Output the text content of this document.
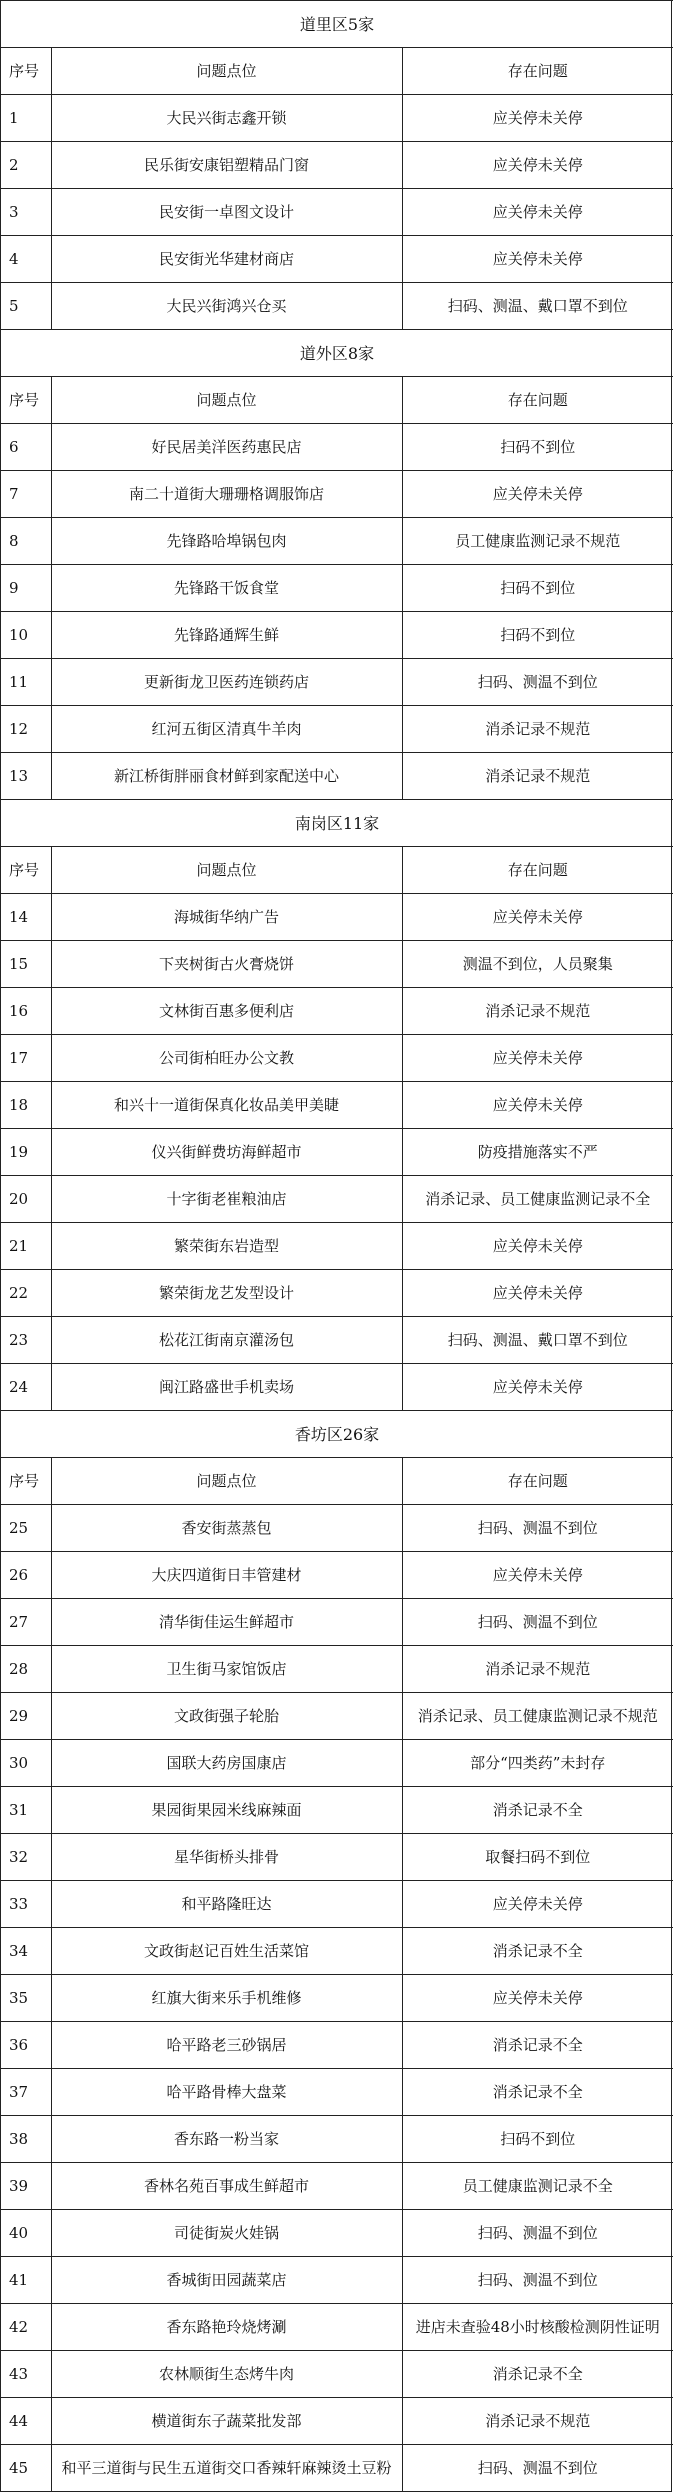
道里区5家		
序号	问题点位	存在问题
1	大民兴街志鑫开锁	应关停未关停
2	民乐街安康铝塑精品门窗	应关停未关停
3	民安街一卓图文设计	应关停未关停
4	民安街光华建材商店	应关停未关停
5	大民兴街鸿兴仓买	扫码、测温、戴口罩不到位
道外区8家		
序号	问题点位	存在问题
6	好民居美洋医药惠民店	扫码不到位
7	南二十道街大珊珊格调服饰店	应关停未关停
8	先锋路哈埠锅包肉	员工健康监测记录不规范
9	先锋路干饭食堂	扫码不到位
10	先锋路通辉生鲜	扫码不到位
11	更新街龙卫医药连锁药店	扫码、测温不到位
12	红河五街区清真牛羊肉	消杀记录不规范
13	新江桥街胖丽食材鲜到家配送中心	消杀记录不规范
南岗区11家		
序号	问题点位	存在问题
14	海城街华纳广告	应关停未关停
15	下夹树街古火膏烧饼	测温不到位，人员聚集
16	文林街百惠多便利店	消杀记录不规范
17	公司街柏旺办公文教	应关停未关停
18	和兴十一道街保真化妆品美甲美睫	应关停未关停
19	仪兴街鲜费坊海鲜超市	防疫措施落实不严
20	十字街老崔粮油店	消杀记录、员工健康监测记录不全
21	繁荣街东岩造型	应关停未关停
22	繁荣街龙艺发型设计	应关停未关停
23	松花江街南京灌汤包	扫码、测温、戴口罩不到位
24	闽江路盛世手机卖场	应关停未关停
香坊区26家		
序号	问题点位	存在问题
25	香安街蒸蒸包	扫码、测温不到位
26	大庆四道街日丰管建材	应关停未关停
27	清华街佳运生鲜超市	扫码、测温不到位
28	卫生街马家馆饭店	消杀记录不规范
29	文政街强子轮胎	消杀记录、员工健康监测记录不规范
30	国联大药房国康店	部分“四类药”未封存
31	果园街果园米线麻辣面	消杀记录不全
32	星华街桥头排骨	取餐扫码不到位
33	和平路隆旺达	应关停未关停
34	文政街赵记百姓生活菜馆	消杀记录不全
35	红旗大街来乐手机维修	应关停未关停
36	哈平路老三砂锅居	消杀记录不全
37	哈平路骨棒大盘菜	消杀记录不全
38	香东路一粉当家	扫码不到位
39	香林名苑百事成生鲜超市	员工健康监测记录不全
40	司徒街炭火娃锅	扫码、测温不到位
41	香城街田园蔬菜店	扫码、测温不到位
42	香东路艳玲烧烤涮	进店未查验48小时核酸检测阴性证明
43	农林顺街生态烤牛肉	消杀记录不全
44	横道街东子蔬菜批发部	消杀记录不规范
45	和平三道街与民生五道街交口香辣轩麻辣烫土豆粉	扫码、测温不到位
